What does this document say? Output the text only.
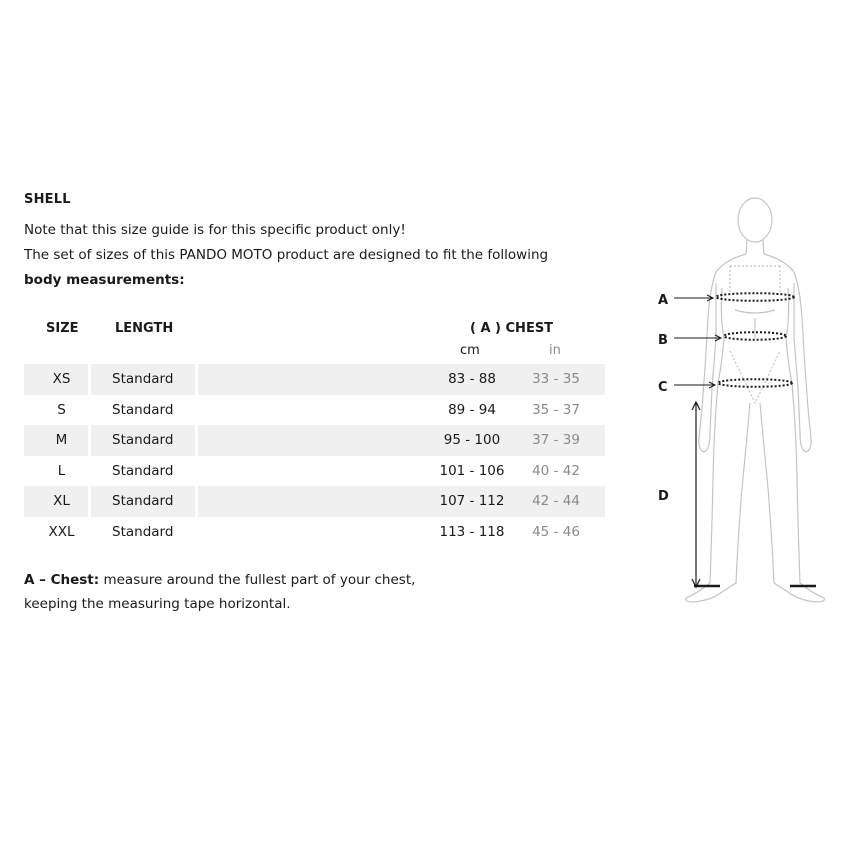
SHELL
Note that this size guide is for this specific product only!
The set of sizes of this PANDO MOTO product are designed to fit the following
body measurements:
SIZE	LENGTH	( A ) CHEST
cm	in
XS	Standard	83 - 88	33 - 35
S	Standard	89 - 94	35 - 37
M	Standard	95 - 100	37 - 39
L	Standard	101 - 106	40 - 42
XL	Standard	107 - 112	42 - 44
XXL	Standard	113 - 118	45 - 46
A – Chest: measure around the fullest part of your chest,
keeping the measuring tape horizontal.
A
B
C
D
